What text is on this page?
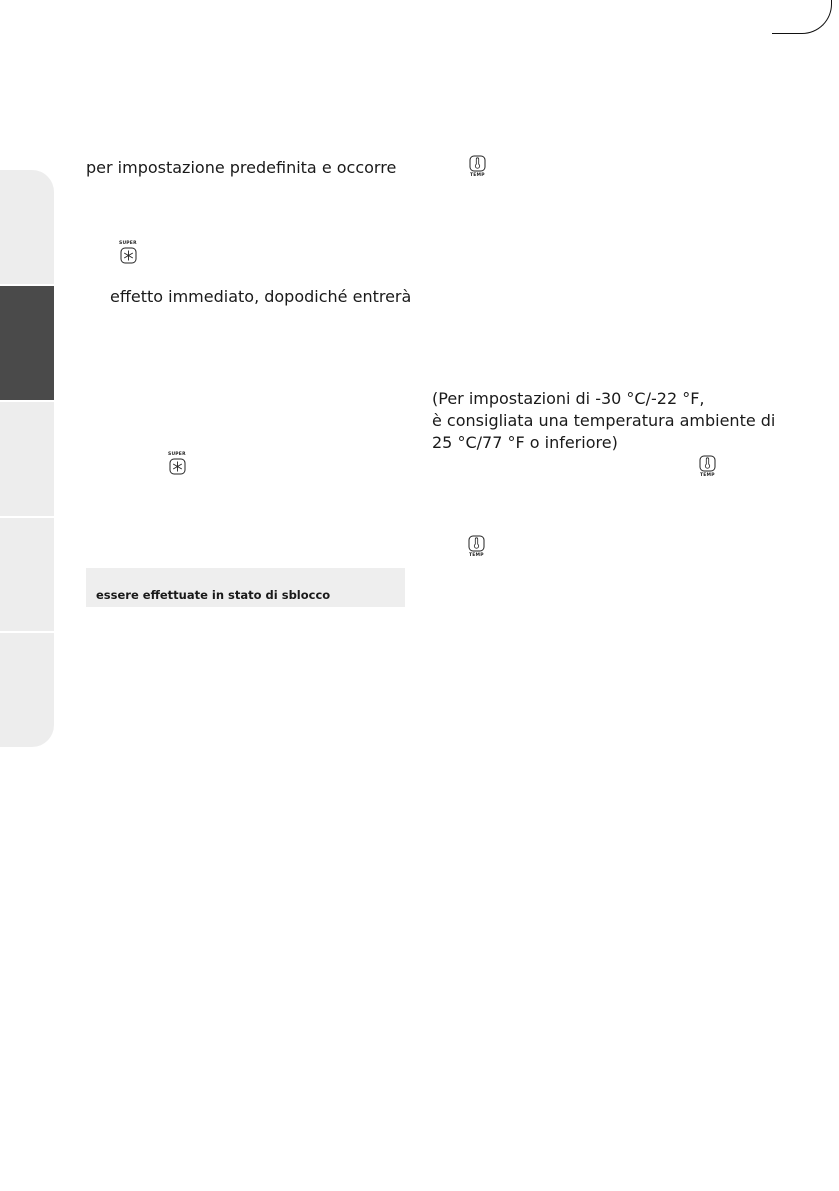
per impostazione predefinita e occorre
SUPER
effetto immediato, dopodiché entrerà
SUPER
essere effettuate in stato di sblocco
TEMP
(Per impostazioni di -30 °C/-22 °F,
è consigliata una temperatura ambiente di
25 °C/77 °F o inferiore)
TEMP
TEMP
